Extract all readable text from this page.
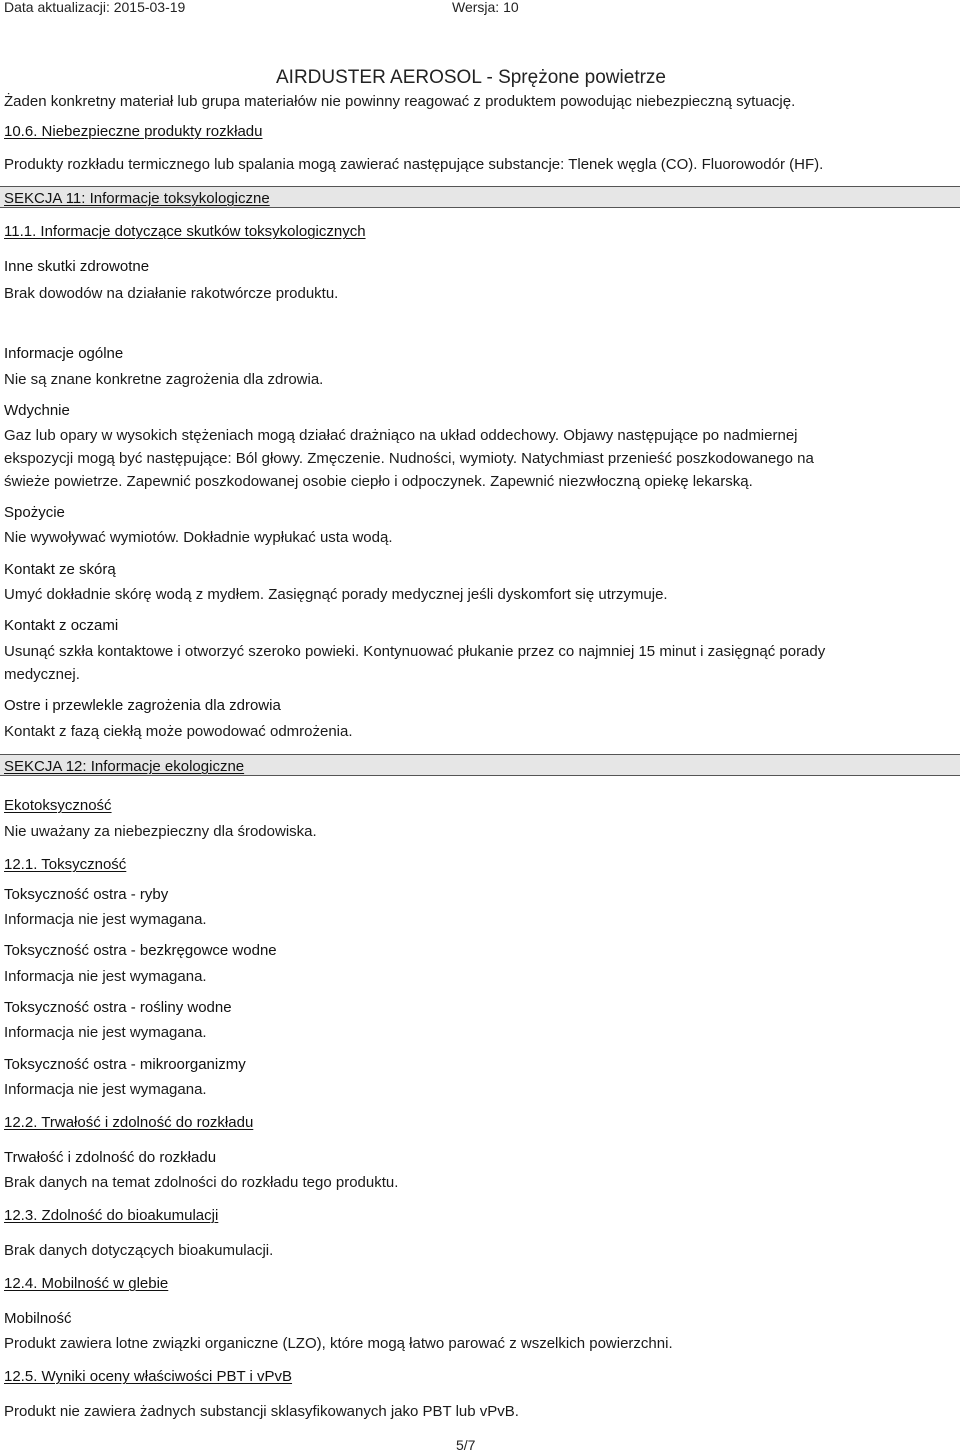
Data aktualizacji: 2015-03-19	Wersja: 10
AIRDUSTER AEROSOL - Sprężone powietrze
Żaden konkretny materiał lub grupa materiałów nie powinny reagować z produktem powodując niebezpieczną sytuację.
10.6. Niebezpieczne produkty rozkładu
Produkty rozkładu termicznego lub spalania mogą zawierać następujące substancje: Tlenek węgla (CO). Fluorowodór (HF).
SEKCJA 11: Informacje toksykologiczne
11.1. Informacje dotyczące skutków toksykologicznych
Inne skutki zdrowotne
Brak dowodów na działanie rakotwórcze produktu.
Informacje ogólne
Nie są znane konkretne zagrożenia dla zdrowia.
Wdychnie
Gaz lub opary w wysokich stężeniach mogą działać drażniąco na układ oddechowy. Objawy następujące po nadmiernej
ekspozycji mogą być następujące: Ból głowy. Zmęczenie. Nudności, wymioty. Natychmiast przenieść poszkodowanego na
świeże powietrze. Zapewnić poszkodowanej osobie ciepło i odpoczynek. Zapewnić niezwłoczną opiekę lekarską.
Spożycie
Nie wywoływać wymiotów. Dokładnie wypłukać usta wodą.
Kontakt ze skórą
Umyć dokładnie skórę wodą z mydłem. Zasięgnąć porady medycznej jeśli dyskomfort się utrzymuje.
Kontakt z oczami
Usunąć szkła kontaktowe i otworzyć szeroko powieki. Kontynuować płukanie przez co najmniej 15 minut i zasięgnąć porady
medycznej.
Ostre i przewlekle zagrożenia dla zdrowia
Kontakt z fazą ciekłą może powodować odmrożenia.
SEKCJA 12: Informacje ekologiczne
Ekotoksyczność
Nie uważany za niebezpieczny dla środowiska.
12.1. Toksyczność
Toksyczność ostra - ryby
Informacja nie jest wymagana.
Toksyczność ostra - bezkręgowce wodne
Informacja nie jest wymagana.
Toksyczność ostra - rośliny wodne
Informacja nie jest wymagana.
Toksyczność ostra - mikroorganizmy
Informacja nie jest wymagana.
12.2. Trwałość i zdolność do rozkładu
Trwałość i zdolność do rozkładu
Brak danych na temat zdolności do rozkładu tego produktu.
12.3. Zdolność do bioakumulacji
Brak danych dotyczących bioakumulacji.
12.4. Mobilność w glebie
Mobilność
Produkt zawiera lotne związki organiczne (LZO), które mogą łatwo parować z wszelkich powierzchni.
12.5. Wyniki oceny właściwości PBT i vPvB
Produkt nie zawiera żadnych substancji sklasyfikowanych jako PBT lub vPvB.
5/7
